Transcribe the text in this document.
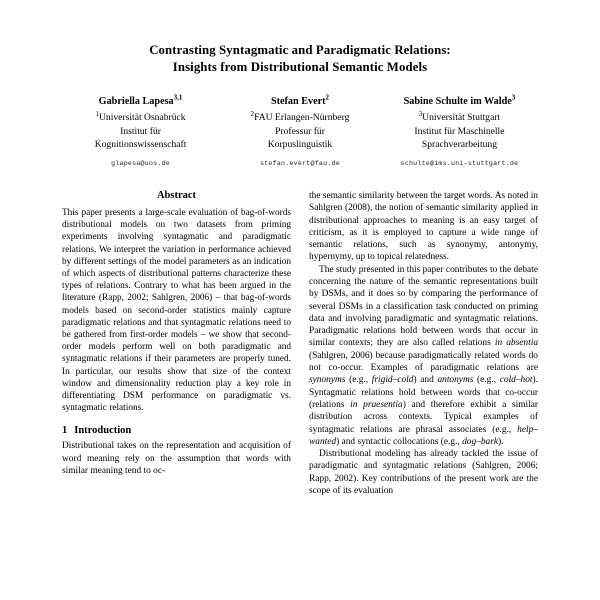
Contrasting Syntagmatic and Paradigmatic Relations:
Insights from Distributional Semantic Models
Gabriella Lapesa$^{3,1}$
$^1$Universität Osnabrück
Institut für
Kognitionswissenschaft
glapesa@uos.de
Stefan Evert$^2$
$^2$FAU Erlangen-Nürnberg
Professur für
Korpuslinguistik
stefan.evert@fau.de
Sabine Schulte im Walde$^3$
$^3$Universität Stuttgart
Institut für Maschinelle
Sprachverarbeitung
schulte@ims.uni-stuttgart.de
Abstract
This paper presents a large-scale evaluation of bag-of-words distributional models on two datasets from priming experiments involving syntagmatic and paradigmatic relations. We interpret the variation in performance achieved by different settings of the model parameters as an indication of which aspects of distributional patterns characterize these types of relations. Contrary to what has been argued in the literature (Rapp, 2002; Sahlgren, 2006) – that bag-of-words models based on second-order statistics mainly capture paradigmatic relations and that syntagmatic relations need to be gathered from first-order models – we show that second-order models perform well on both paradigmatic and syntagmatic relations if their parameters are properly tuned. In particular, our results show that size of the context window and dimensionality reduction play a key role in differentiating DSM performance on paradigmatic vs. syntagmatic relations.
1 Introduction

Distributional takes on the representation and acquisition of word meaning rely on the assumption that words with similar meaning tend to oc-

the semantic similarity between the target words. As noted in Sahlgren (2008), the notion of semantic similarity applied in distributional approaches to meaning is an easy target of criticism, as it is employed to capture a wide range of semantic relations, such as synonymy, antonymy, hypernymy, up to topical relatedness.

The study presented in this paper contributes to the debate concerning the nature of the semantic representations built by DSMs, and it does so by comparing the performance of several DSMs in a classification task conducted on priming data and involving paradigmatic and syntagmatic relations. Paradigmatic relations hold between words that occur in similar contexts; they are also called relations in absentia (Sahlgren, 2006) because paradigmatically related words do not co-occur. Examples of paradigmatic relations are synonyms (e.g., frigid–cold) and antonyms (e.g., cold–hot). Syntagmatic relations hold between words that co-occur (relations in praesentia) and therefore exhibit a similar distribution across contexts. Typical examples of syntagmatic relations are phrasal associates (e.g., help–wanted) and syntactic collocations (e.g., dog–bark).

Distributional modeling has already tackled the issue of paradigmatic and syntagmatic relations (Sahlgren, 2006; Rapp, 2002). Key contributions of the present work are the scope of its evaluation
